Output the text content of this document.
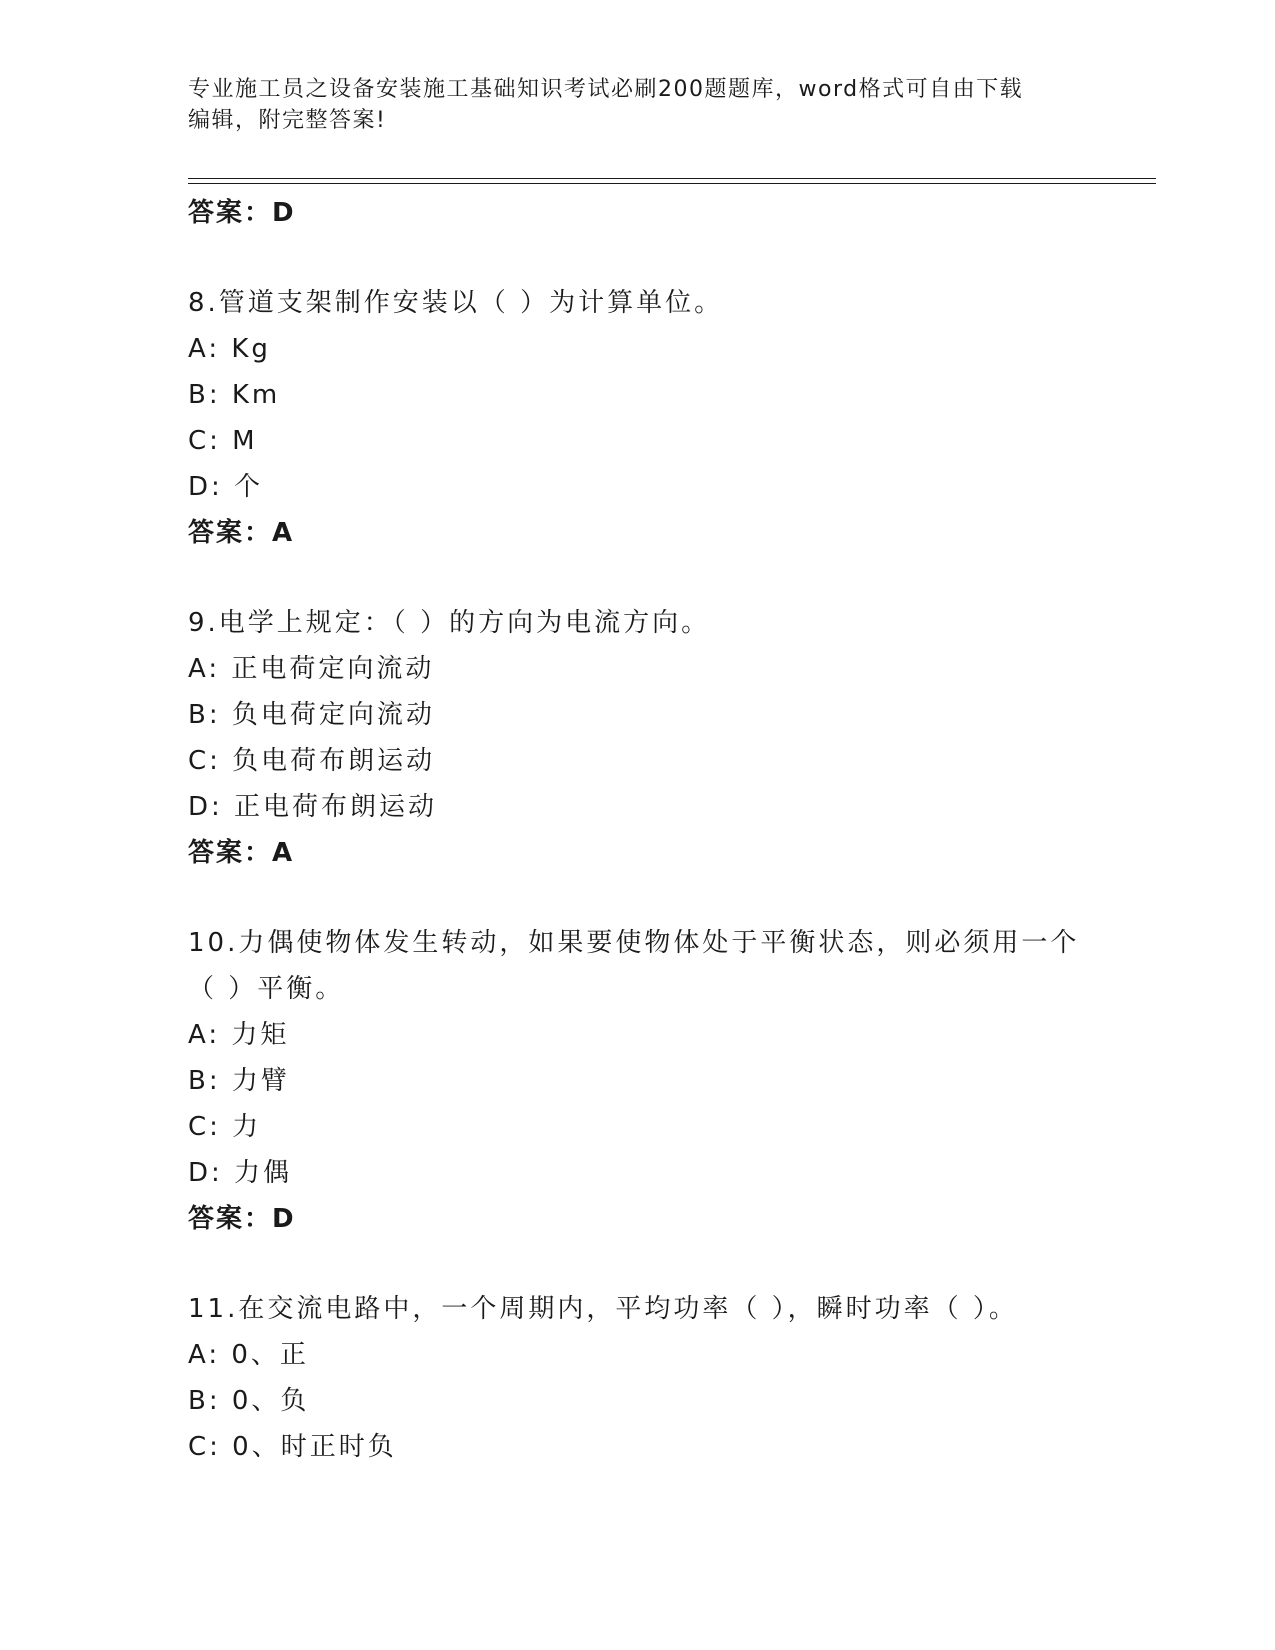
专业施工员之设备安装施工基础知识考试必刷200题题库，word格式可自由下载
编辑，附完整答案!
答案：D
8.管道支架制作安装以（ ）为计算单位。
A: Kg
B: Km
C: M
D: 个
答案：A
9.电学上规定：（ ）的方向为电流方向。
A: 正电荷定向流动
B: 负电荷定向流动
C: 负电荷布朗运动
D: 正电荷布朗运动
答案：A
10.力偶使物体发生转动，如果要使物体处于平衡状态，则必须用一个
（ ）平衡。
A: 力矩
B: 力臂
C: 力
D: 力偶
答案：D
11.在交流电路中，一个周期内，平均功率（ ），瞬时功率（ ）。
A: 0、正
B: 0、负
C: 0、时正时负
